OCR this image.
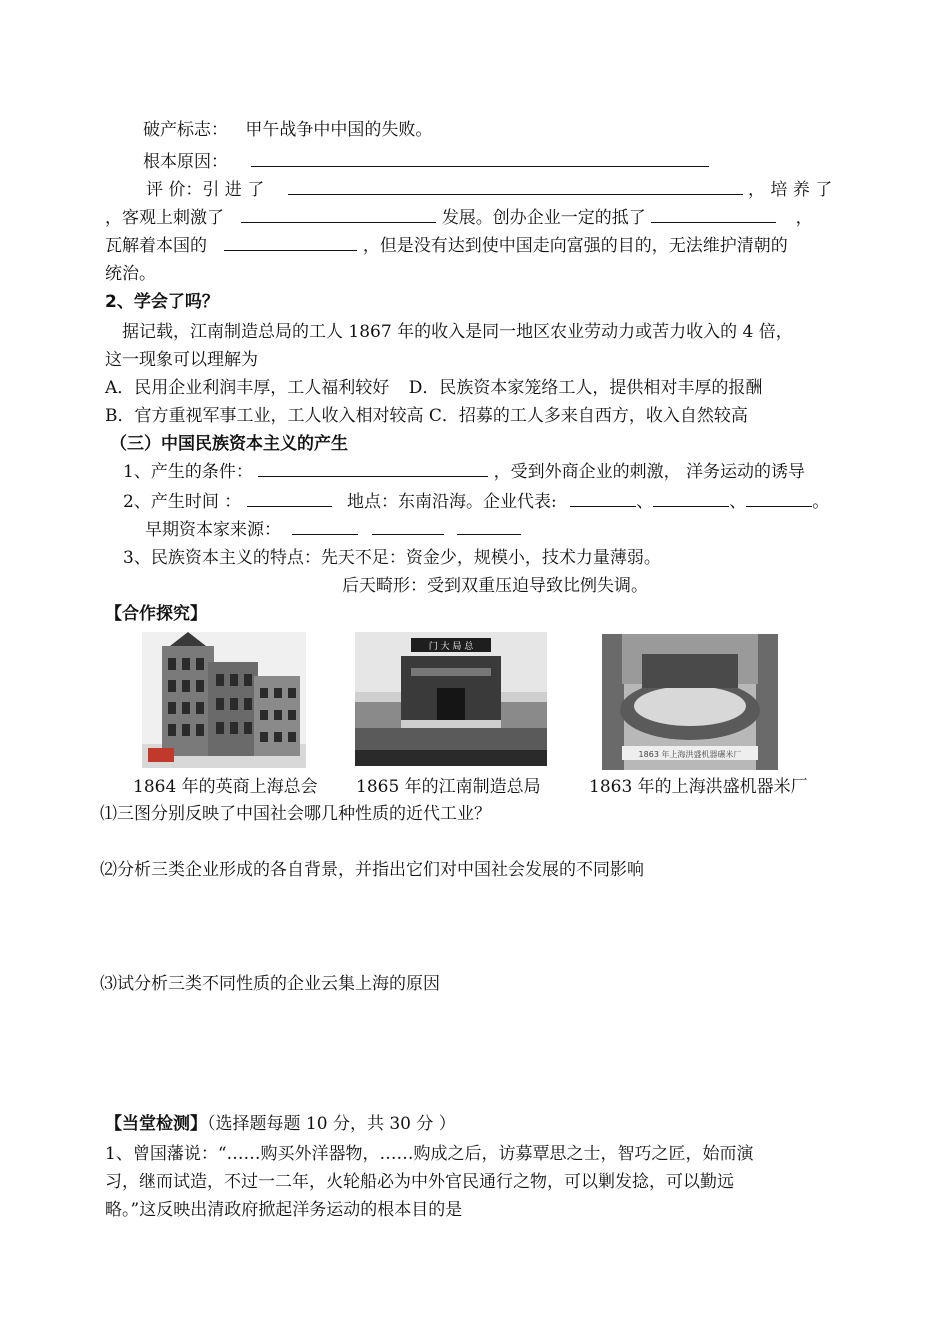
破产标志： 甲午战争中中国的失败。
根本原因：
评 价：引 进 了	， 培 养 了
，客观上刺激了	发展。创办企业一定的抵了	，
瓦解着本国的	，但是没有达到使中国走向富强的目的，无法维护清朝的
统治。
2、学会了吗？
据记载，江南制造总局的工人 1867 年的收入是同一地区农业劳动力或苦力收入的 4 倍，
这一现象可以理解为
A．民用企业利润丰厚，工人福利较好 D．民族资本家笼络工人，提供相对丰厚的报酬
B．官方重视军事工业，工人收入相对较高 C．招募的工人多来自西方，收入自然较高
（三）中国民族资本主义的产生
1、产生的条件：	，受到外商企业的刺激， 洋务运动的诱导
2、产生时间 ：	地点：东南沿海。企业代表:	、	、	。
早期资本家来源：
3、民族资本主义的特点：先天不足：资金少，规模小，技术力量薄弱。
后天畸形：受到双重压迫导致比例失调。
【合作探究】
门 大 局 总
1863 年上海洪盛机器碾米厂
1864 年的英商上海总会 1865 年的江南制造总局	1863 年的上海洪盛机器米厂
⑴三图分别反映了中国社会哪几种性质的近代工业？
⑵分析三类企业形成的各自背景，并指出它们对中国社会发展的不同影响
⑶试分析三类不同性质的企业云集上海的原因
【当堂检测】（选择题每题 10 分，共 30 分 ）
1、曾国藩说：“……购买外洋器物，……购成之后，访募覃思之士，智巧之匠，始而演
习，继而试造，不过一二年，火轮船必为中外官民通行之物，可以剿发捻，可以勤远
略。”这反映出清政府掀起洋务运动的根本目的是
